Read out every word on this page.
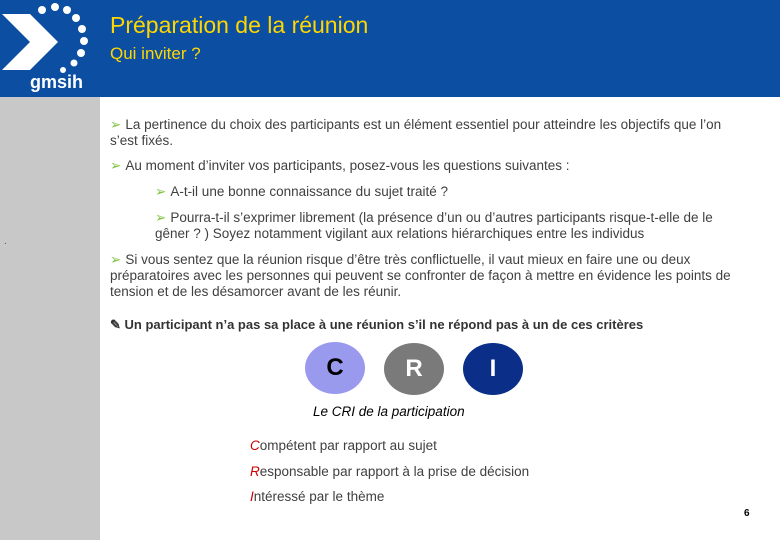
gmsih
Préparation de la réunion
Qui inviter ?
.
➢ La pertinence du choix des participants est un élément essentiel pour atteindre les objectifs que l’on s’est fixés.
➢ Au moment d’inviter vos participants, posez-vous les questions suivantes :
➢ A-t-il une bonne connaissance du sujet traité ?
➢ Pourra-t-il s’exprimer librement (la présence d’un ou d’autres participants risque-t-elle de le gêner ? ) Soyez notamment vigilant aux relations hiérarchiques entre les individus
➢ Si vous sentez que la réunion risque d’être très conflictuelle, il vaut mieux en faire une ou deux préparatoires avec les personnes qui peuvent se confronter de façon à mettre en évidence les points de tension et de les désamorcer avant de les réunir.
✎ Un participant n’a pas sa place à une réunion s’il ne répond pas à un de ces critères
C	R	I
Le CRI de la participation
Compétent par rapport au sujet
Responsable par rapport à la prise de décision
Intéressé par le thème
6
